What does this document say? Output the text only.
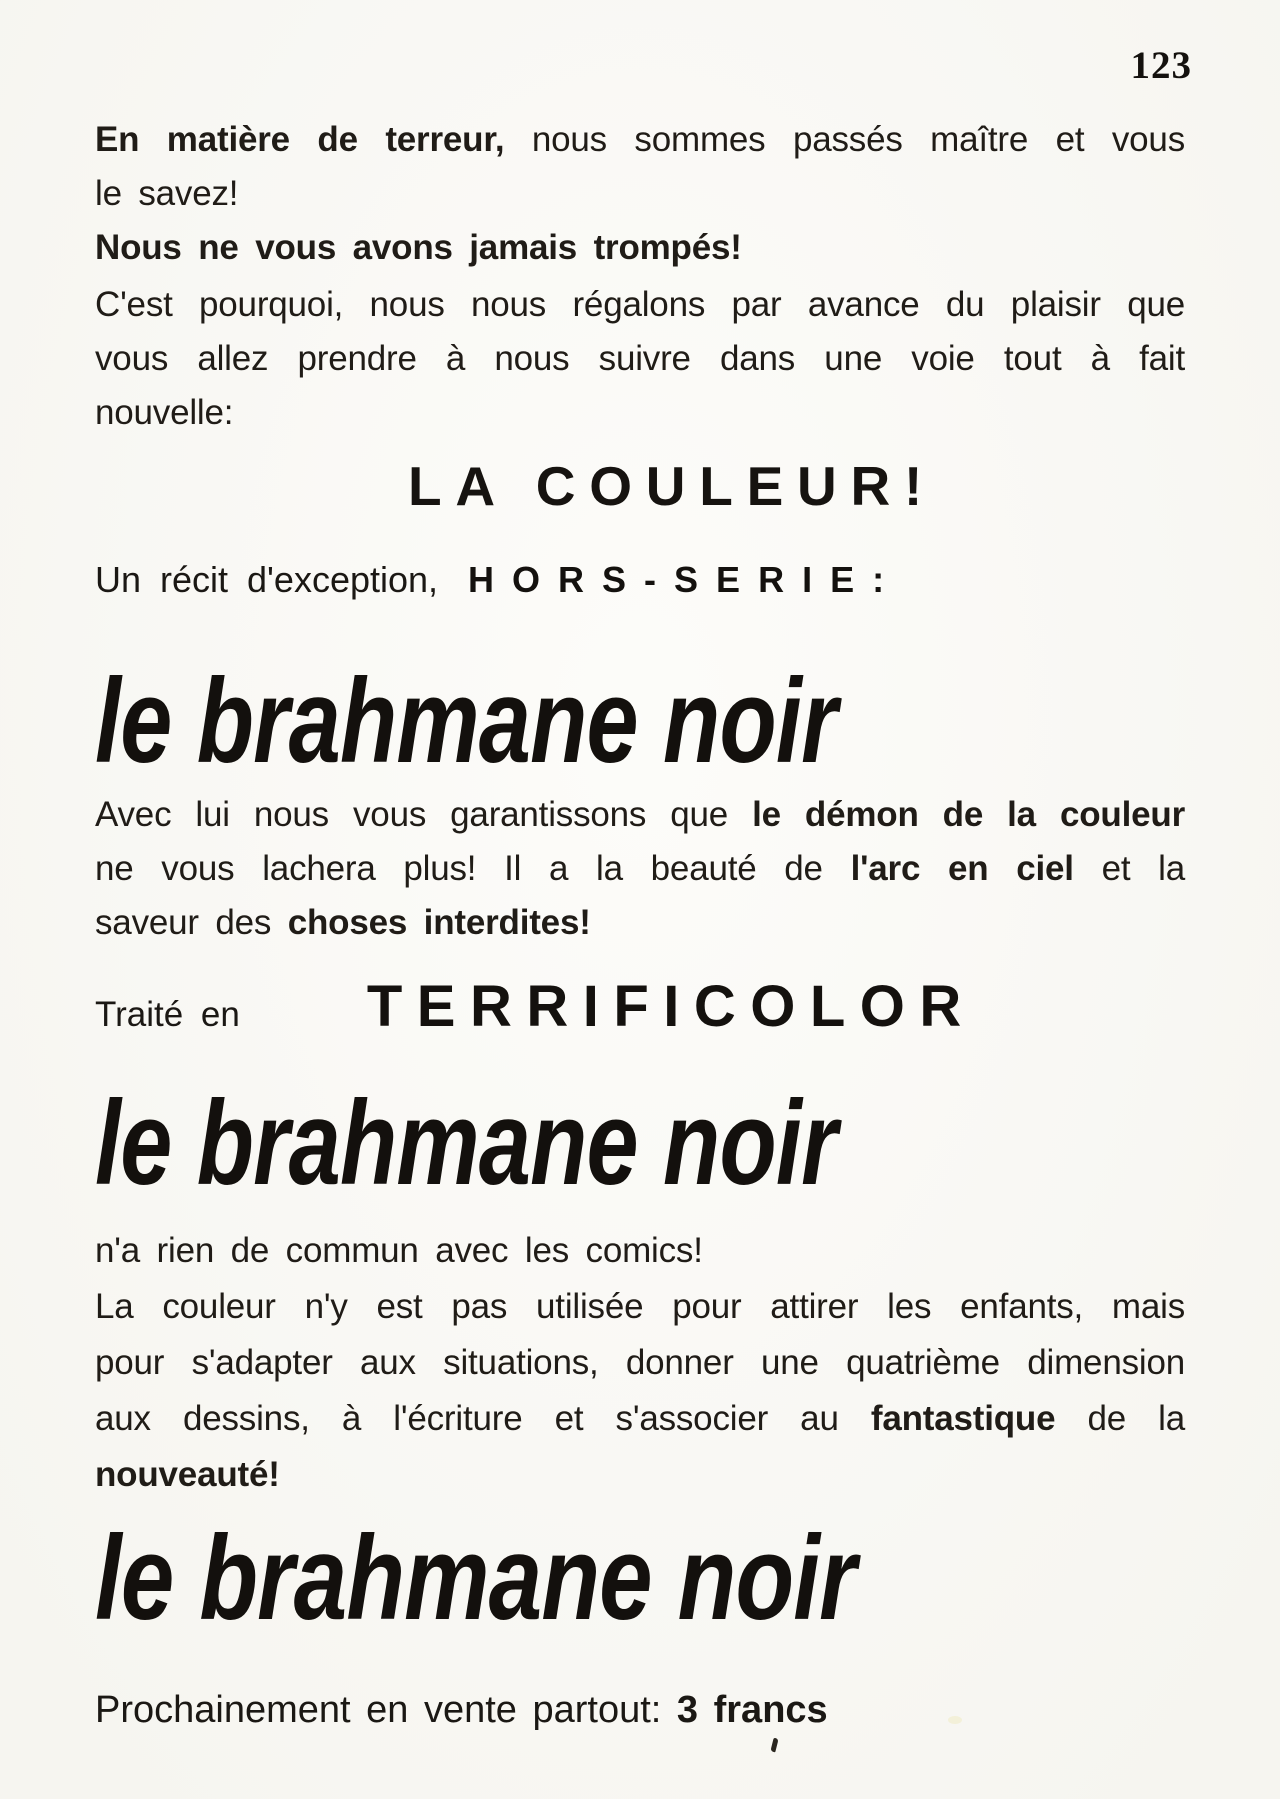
123
En matière de terreur, nous sommes passés maître et vous
le savez!
Nous ne vous avons jamais trompés!
C'est pourquoi, nous nous régalons par avance du plaisir que
vous allez prendre à nous suivre dans une voie tout à fait
nouvelle:
LA COULEUR!
Un récit d'exception, HORS-SERIE:
le brahmane noir
Avec lui nous vous garantissons que le démon de la couleur
ne vous lachera plus! Il a la beauté de l'arc en ciel et la
saveur des choses interdites!
Traité en TERRIFICOLOR
le brahmane noir
n'a rien de commun avec les comics!
La couleur n'y est pas utilisée pour attirer les enfants, mais
pour s'adapter aux situations, donner une quatrième dimension
aux dessins, à l'écriture et s'associer au fantastique de la
nouveauté!
le brahmane noir
Prochainement en vente partout: 3 francs
